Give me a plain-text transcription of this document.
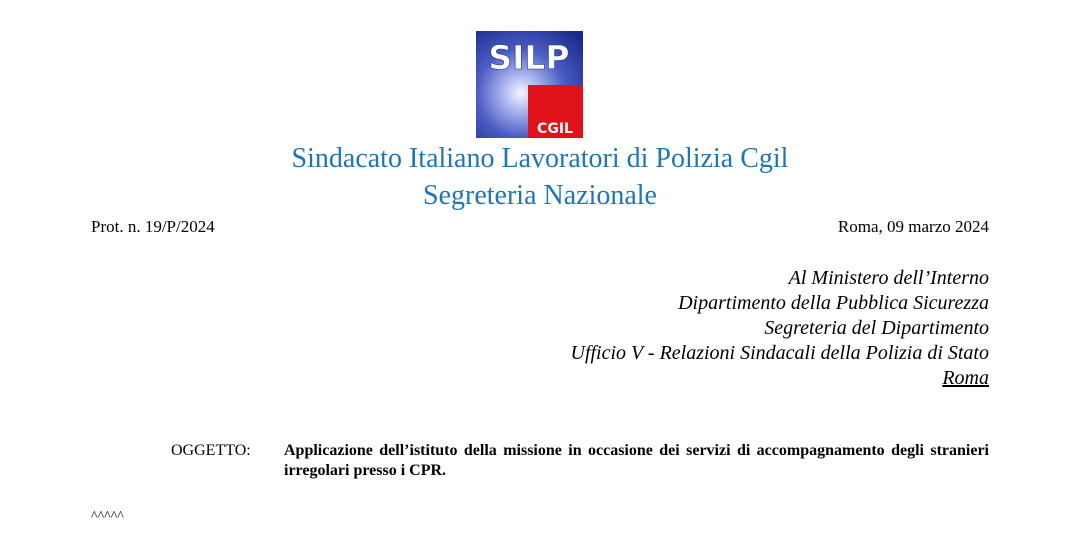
SILP
CGIL
Sindacato Italiano Lavoratori di Polizia Cgil
Segreteria Nazionale
Prot. n. 19/P/2024	Roma, 09 marzo 2024
Al Ministero dell’Interno
Dipartimento della Pubblica Sicurezza
Segreteria del Dipartimento
Ufficio V - Relazioni Sindacali della Polizia di Stato
Roma
OGGETTO: Applicazione dell’istituto della missione in occasione dei servizi di accompagnamento degli stranieri irregolari presso i CPR.
^^^^^
